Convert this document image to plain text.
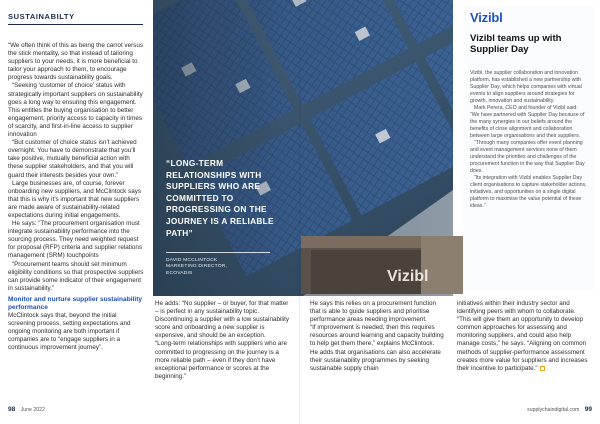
“LONG-TERM RELATIONSHIPS WITH SUPPLIERS WHO ARE COMMITTED TO PROGRESSING ON THE JOURNEY IS A RELIABLE PATH”
DAVID MCCLINTOCK
MARKETING DIRECTOR,
ECOVADIS
SUSTAINABILTY

“We often think of this as being the carrot versus the stick mentality, so that instead of tailoring suppliers to your needs, it is more beneficial to tailor your approach to them, to encourage progress towards sustainability goals.

“Seeking ‘customer of choice’ status with strategically important suppliers on sustainability goes a long way to ensuring this engagement. This entitles the buying organisation to better engagement, priority access to capacity in times of scarcity, and first-in-line access to supplier innovation

“But customer of choice status isn’t achieved overnight. You have to demonstrate that you’ll take positive, mutually beneficial action with these supplier stakeholders, and that you will guard their interests besides your own.”

Large businesses are, of course, forever onboarding new suppliers, and McClintock says that this is why it’s important that new suppliers are made aware of sustainability-related expectations during initial engagements.

He says: “The procurement organisation must integrate sustainability performance into the sourcing process. They need weighted request for proposal (RFP) criteria and supplier relations management (SRM) touchpoints

“Procurement teams should set minimum eligibility conditions so that prospective suppliers can provide some indicator of their engagement in sustainability.”

Monitor and nurture supplier sustainability performance

McClintock says that, beyond the initial screening process, setting expectations and ongoing monitoring are both important if companies are to “engage suppliers in a continuous improvement journey”.

He adds: “No supplier – or buyer, for that matter – is perfect in any sustainability topic. Discontinuing a supplier with a low sustainability score and onboarding a new supplier is expensive, and should be an exception.

“Long-term relationships with suppliers who are committed to progressing on the journey is a more reliable path – even if they don’t have exceptional performance or scores at the beginning.”

He says this relies on a procurement function that is able to guide suppliers and prioritise performance areas needing improvement.

“If improvement is needed, then this requires resources around learning and capacity building to help get them there,” explains McClintock.

He adds that organisations can also accelerate their sustainability programmes by seeking sustainable supply chain

initiatives within their industry sector and identifying peers with whom to collaborate.

“This will give them an opportunity to develop common approaches for assessing and monitoring suppliers, and could also help manage costs,” he says. “Aligning on common methods of supplier-performance assessment creates more value for suppliers and increases their incentive to participate.”

Vizibl
Vizibl teams up with Supplier Day

Vizibl, the supplier collaboration and innovation platform, has established a new partnership with Supplier Day, which helps companies with virtual events to align suppliers around strategies for growth, innovation and sustainability.

Mark Perera, CEO and founder of Vizibl said: “We have partnered with Supplier Day because of the many synergies in our beliefs around the benefits of close alignment and collaboration between large organisations and their suppliers.

“Through many companies offer event planning and event management services none of them understand the priorities and challenges of the procurement function in the way that Supplier Day does.

“Its integration with Vizibl enables Supplier Day client organisations to capture stakeholder actions, initiatives, and opportunities on a single digital platform to maximise the value potential of these ideas.”

Vizibl
98 June 2022	supplychaindigital.com 99
